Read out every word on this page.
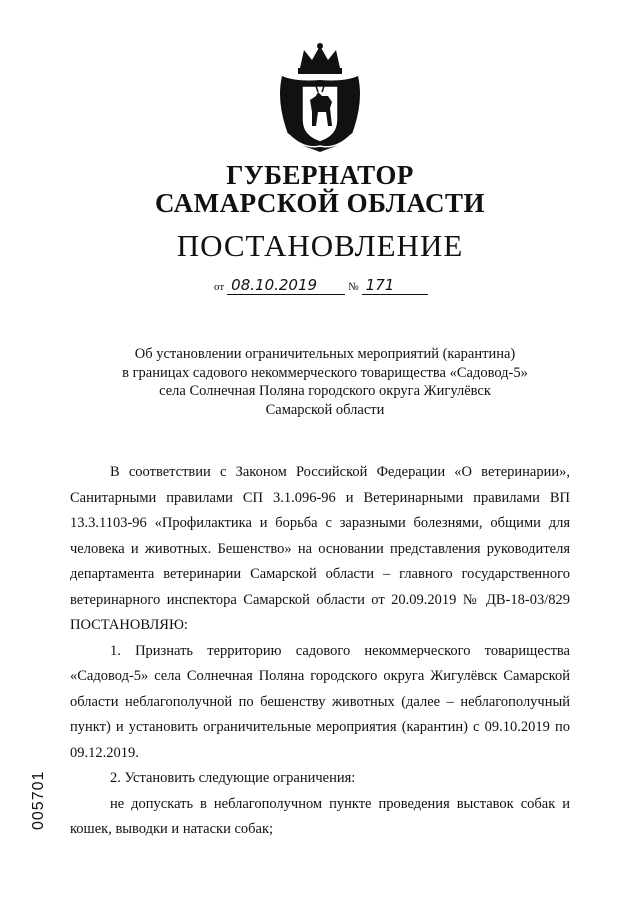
ГУБЕРНАТОР
САМАРСКОЙ ОБЛАСТИ
ПОСТАНОВЛЕНИЕ
от 08.10.2019	№ 171
Об установлении ограничительных мероприятий (карантина)
в границах садового некоммерческого товарищества «Садовод-5»
села Солнечная Поляна городского округа Жигулёвск
Самарской области

В соответствии с Законом Российской Федерации «О ветеринарии», Санитарными правилами СП 3.1.096-96 и Ветеринарными правилами ВП 13.3.1103-96 «Профилактика и борьба с заразными болезнями, общими для человека и животных. Бешенство» на основании представления руководителя департамента ветеринарии Самарской области – главного государственного ветеринарного инспектора Самарской области от 20.09.2019 № ДВ-18-03/829 ПОСТАНОВЛЯЮ:

1. Признать территорию садового некоммерческого товарищества «Садовод-5» села Солнечная Поляна городского округа Жигулёвск Самарской области неблагополучной по бешенству животных (далее – неблагополучный пункт) и установить ограничительные мероприятия (карантин) с 09.10.2019 по 09.12.2019.

2. Установить следующие ограничения:

не допускать в неблагополучном пункте проведения выставок собак и кошек, выводки и натаски собак;

005701
